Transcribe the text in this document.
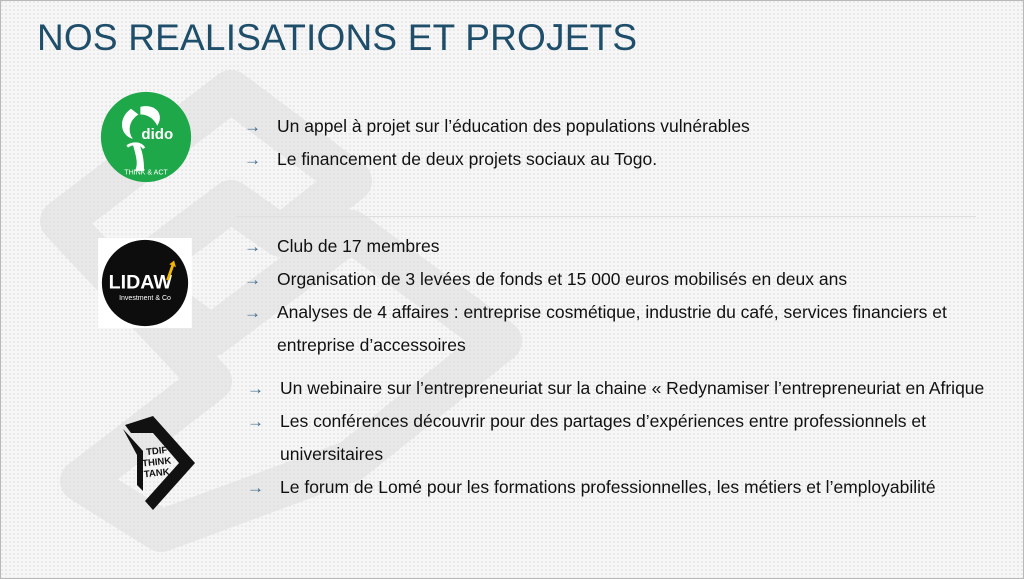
NOS REALISATIONS ET PROJETS
dido
THINK & ACT
LIDAW
Investment & Co
TDIF
THINK
TANK
→ Un appel à projet sur l’éducation des populations vulnérables
→ Le financement de deux projets sociaux au Togo.
→ Club de 17 membres
→ Organisation de 3 levées de fonds et 15 000 euros mobilisés en deux ans
→ Analyses de 4 affaires : entreprise cosmétique, industrie du café, services financiers et entreprise d’accessoires
→ Un webinaire sur l’entrepreneuriat sur la chaine « Redynamiser l’entrepreneuriat en Afrique
→ Les conférences découvrir pour des partages d’expériences entre professionnels et universitaires
→ Le forum de Lomé pour les formations professionnelles, les métiers et l’employabilité
